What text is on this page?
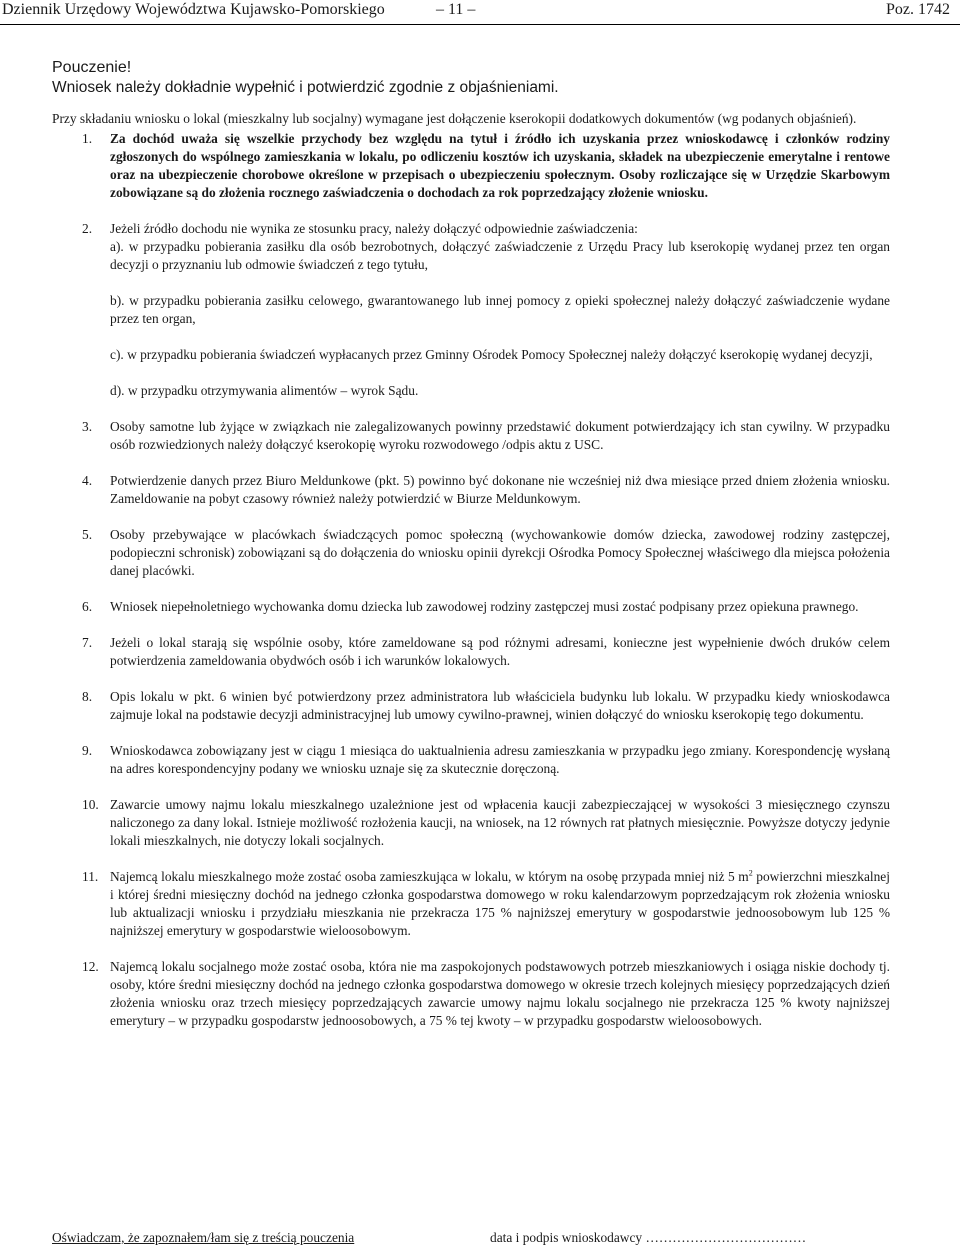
Dziennik Urzędowy Województwa Kujawsko-Pomorskiego	– 11 –	Poz. 1742

Pouczenie!

Wniosek należy dokładnie wypełnić i potwierdzić zgodnie z objaśnieniami.

Przy składaniu wniosku o lokal (mieszkalny lub socjalny) wymagane jest dołączenie kserokopii dodatkowych dokumentów (wg podanych objaśnień).

1. Za dochód uważa się wszelkie przychody bez względu na tytuł i źródło ich uzyskania przez wnioskodawcę i członków rodziny zgłoszonych do wspólnego zamieszkania w lokalu, po odliczeniu kosztów ich uzyskania, składek na ubezpieczenie emerytalne i rentowe oraz na ubezpieczenie chorobowe określone w przepisach o ubezpieczeniu społecznym. Osoby rozliczające się w Urzędzie Skarbowym zobowiązane są do złożenia rocznego zaświadczenia o dochodach za rok poprzedzający złożenie wniosku.

2. Jeżeli źródło dochodu nie wynika ze stosunku pracy, należy dołączyć odpowiednie zaświadczenia:

a). w przypadku pobierania zasiłku dla osób bezrobotnych, dołączyć zaświadczenie z Urzędu Pracy lub kserokopię wydanej przez ten organ decyzji o przyznaniu lub odmowie świadczeń z tego tytułu,

b). w przypadku pobierania zasiłku celowego, gwarantowanego lub innej pomocy z opieki społecznej należy dołączyć zaświadczenie wydane przez ten organ,

c). w przypadku pobierania świadczeń wypłacanych przez Gminny Ośrodek Pomocy Społecznej należy dołączyć kserokopię wydanej decyzji,

d). w przypadku otrzymywania alimentów – wyrok Sądu.

3. Osoby samotne lub żyjące w związkach nie zalegalizowanych powinny przedstawić dokument potwierdzający ich stan cywilny. W przypadku osób rozwiedzionych należy dołączyć kserokopię wyroku rozwodowego /odpis aktu z USC.

4. Potwierdzenie danych przez Biuro Meldunkowe (pkt. 5) powinno być dokonane nie wcześniej niż dwa miesiące przed dniem złożenia wniosku. Zameldowanie na pobyt czasowy również należy potwierdzić w Biurze Meldunkowym.

5. Osoby przebywające w placówkach świadczących pomoc społeczną (wychowankowie domów dziecka, zawodowej rodziny zastępczej, podopieczni schronisk) zobowiązani są do dołączenia do wniosku opinii dyrekcji Ośrodka Pomocy Społecznej właściwego dla miejsca położenia danej placówki.

6. Wniosek niepełnoletniego wychowanka domu dziecka lub zawodowej rodziny zastępczej musi zostać podpisany przez opiekuna prawnego.

7. Jeżeli o lokal starają się wspólnie osoby, które zameldowane są pod różnymi adresami, konieczne jest wypełnienie dwóch druków celem potwierdzenia zameldowania obydwóch osób i ich warunków lokalowych.

8. Opis lokalu w pkt. 6 winien być potwierdzony przez administratora lub właściciela budynku lub lokalu. W przypadku kiedy wnioskodawca zajmuje lokal na podstawie decyzji administracyjnej lub umowy cywilno-prawnej, winien dołączyć do wniosku kserokopię tego dokumentu.

9. Wnioskodawca zobowiązany jest w ciągu 1 miesiąca do uaktualnienia adresu zamieszkania w przypadku jego zmiany. Korespondencję wysłaną na adres korespondencyjny podany we wniosku uznaje się za skutecznie doręczoną.

10. Zawarcie umowy najmu lokalu mieszkalnego uzależnione jest od wpłacenia kaucji zabezpieczającej w wysokości 3 miesięcznego czynszu naliczonego za dany lokal. Istnieje możliwość rozłożenia kaucji, na wniosek, na 12 równych rat płatnych miesięcznie. Powyższe dotyczy jedynie lokali mieszkalnych, nie dotyczy lokali socjalnych.

11. Najemcą lokalu mieszkalnego może zostać osoba zamieszkująca w lokalu, w którym na osobę przypada mniej niż 5 $m^2$ powierzchni mieszkalnej i której średni miesięczny dochód na jednego członka gospodarstwa domowego w roku kalendarzowym poprzedzającym rok złożenia wniosku lub aktualizacji wniosku i przydziału mieszkania nie przekracza 175 % najniższej emerytury w gospodarstwie jednoosobowym lub 125 % najniższej emerytury w gospodarstwie wieloosobowym.

12. Najemcą lokalu socjalnego może zostać osoba, która nie ma zaspokojonych podstawowych potrzeb mieszkaniowych i osiąga niskie dochody tj. osoby, które średni miesięczny dochód na jednego członka gospodarstwa domowego w okresie trzech kolejnych miesięcy poprzedzających dzień złożenia wniosku oraz trzech miesięcy poprzedzających zawarcie umowy najmu lokalu socjalnego nie przekracza 125 % kwoty najniższej emerytury – w przypadku gospodarstw jednoosobowych, a 75 % tej kwoty – w przypadku gospodarstw wieloosobowych.

Oświadczam, że zapoznałem/łam się z treścią pouczenia	data i podpis wnioskodawcy ………………………………
